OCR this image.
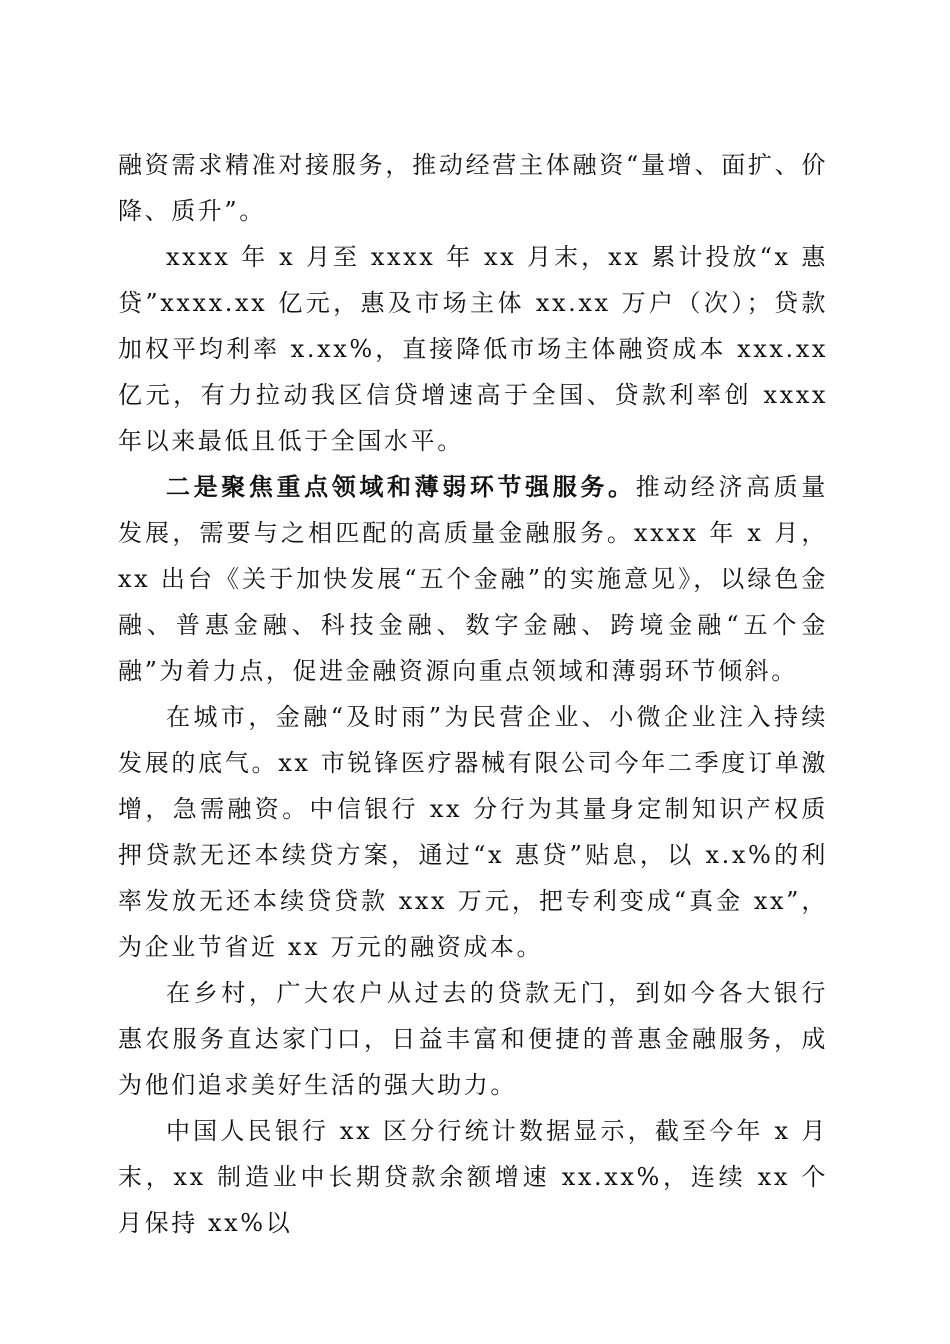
融资需求精准对接服务，推动经营主体融资“量增、面扩、价降、质升”。

xxxx 年 x 月至 xxxx 年 xx 月末，xx 累计投放“x 惠贷”xxxx.xx 亿元，惠及市场主体 xx.xx 万户（次）；贷款加权平均利率 x.xx%，直接降低市场主体融资成本 xxx.xx 亿元，有力拉动我区信贷增速高于全国、贷款利率创 xxxx 年以来最低且低于全国水平。

二是聚焦重点领域和薄弱环节强服务。推动经济高质量发展，需要与之相匹配的高质量金融服务。xxxx 年 x 月，xx 出台《关于加快发展“五个金融”的实施意见》，以绿色金融、普惠金融、科技金融、数字金融、跨境金融“五个金融”为着力点，促进金融资源向重点领域和薄弱环节倾斜。

在城市，金融“及时雨”为民营企业、小微企业注入持续发展的底气。xx 市锐锋医疗器械有限公司今年二季度订单激增，急需融资。中信银行 xx 分行为其量身定制知识产权质押贷款无还本续贷方案，通过“x 惠贷”贴息，以 x.x%的利率发放无还本续贷贷款 xxx 万元，把专利变成“真金 xx”，为企业节省近 xx 万元的融资成本。

在乡村，广大农户从过去的贷款无门，到如今各大银行惠农服务直达家门口，日益丰富和便捷的普惠金融服务，成为他们追求美好生活的强大助力。

中国人民银行 xx 区分行统计数据显示，截至今年 x 月末，xx 制造业中长期贷款余额增速 xx.xx%，连续 xx 个月保持 xx%以
